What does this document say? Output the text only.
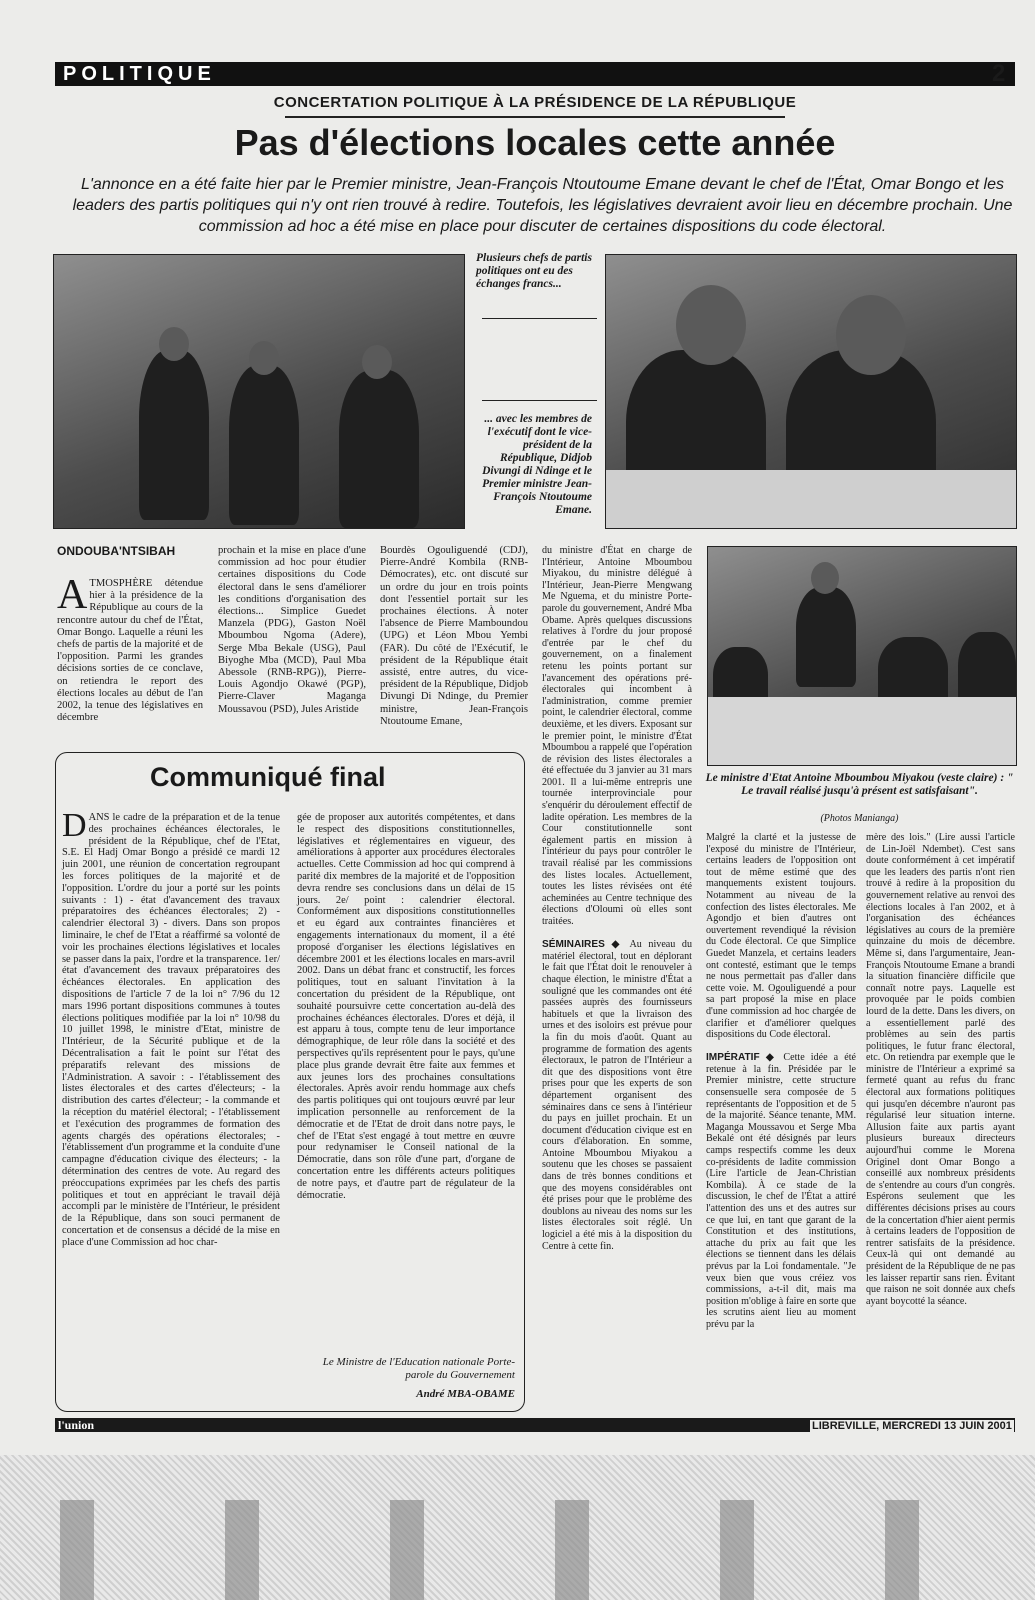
POLITIQUE	2
CONCERTATION POLITIQUE À LA PRÉSIDENCE DE LA RÉPUBLIQUE
Pas d'élections locales cette année
L'annonce en a été faite hier par le Premier ministre, Jean-François Ntoutoume Emane devant le chef de l'État, Omar Bongo et les leaders des partis politiques qui n'y ont rien trouvé à redire. Toutefois, les législatives devraient avoir lieu en décembre prochain. Une commission ad hoc a été mise en place pour discuter de certaines dispositions du code électoral.
Plusieurs chefs de partis politiques ont eu des échanges francs...
... avec les membres de l'exécutif dont le vice-président de la République, Didjob Divungi di Ndinge et le Premier ministre Jean-François Ntoutoume Emane.
ONDOUBA'NTSIBAH
A TMOSPHÈRE détendue hier à la présidence de la République au cours de la rencontre autour du chef de l'État, Omar Bongo. Laquelle a réuni les chefs de partis de la majorité et de l'opposition. Parmi les grandes décisions sorties de ce conclave, on retiendra le report des élections locales au début de l'an 2002, la tenue des législatives en décembre
prochain et la mise en place d'une commission ad hoc pour étudier certaines dispositions du Code électoral dans le sens d'améliorer les conditions d'organisation des élections... Simplice Guedet Manzela (PDG), Gaston Noël Mboumbou Ngoma (Adere), Serge Mba Bekale (USG), Paul Biyoghe Mba (MCD), Paul Mba Abessole (RNB-RPG)), Pierre-Louis Agondjo Okawé (PGP), Pierre-Claver Maganga Moussavou (PSD), Jules Aristide
Bourdès Ogouliguendé (CDJ), Pierre-André Kombila (RNB-Démocrates), etc. ont discuté sur un ordre du jour en trois points dont l'essentiel portait sur les prochaines élections. À noter l'absence de Pierre Mamboundou (UPG) et Léon Mbou Yembi (FAR). Du côté de l'Exécutif, le président de la République était assisté, entre autres, du vice-président de la République, Didjob Divungi Di Ndinge, du Premier ministre, Jean-François Ntoutoume Emane,
du ministre d'État en charge de l'Intérieur, Antoine Mboumbou Miyakou, du ministre délégué à l'Intérieur, Jean-Pierre Mengwang Me Nguema, et du ministre Porte-parole du gouvernement, André Mba Obame. Après quelques discussions relatives à l'ordre du jour proposé d'entrée par le chef du gouvernement, on a finalement retenu les points portant sur l'avancement des opérations pré-électorales qui incombent à l'administration, comme premier point, le calendrier électoral, comme deuxième, et les divers. Exposant sur le premier point, le ministre d'État Mboumbou a rappelé que l'opération de révision des listes électorales a été effectuée du 3 janvier au 31 mars 2001. Il a lui-même entrepris une tournée interprovinciale pour s'enquérir du déroulement effectif de ladite opération. Les membres de la Cour constitutionnelle sont également partis en mission à l'intérieur du pays pour contrôler le travail réalisé par les commissions des listes locales. Actuellement, toutes les listes révisées ont été acheminées au Centre technique des élections d'Oloumi où elles sont traitées.

SÉMINAIRES ◆ Au niveau du matériel électoral, tout en déplorant le fait que l'État doit le renouveler à chaque élection, le ministre d'État a souligné que les commandes ont été passées auprès des fournisseurs habituels et que la livraison des urnes et des isoloirs est prévue pour la fin du mois d'août. Quant au programme de formation des agents électoraux, le patron de l'Intérieur a dit que des dispositions vont être prises pour que les experts de son département organisent des séminaires dans ce sens à l'intérieur du pays en juillet prochain. Et un document d'éducation civique est en cours d'élaboration. En somme, Antoine Mboumbou Miyakou a soutenu que les choses se passaient dans de très bonnes conditions et que des moyens considérables ont été prises pour que le problème des doublons au niveau des noms sur les listes électorales soit réglé. Un logiciel a été mis à la disposition du Centre à cette fin.
Le ministre d'Etat Antoine Mboumbou Miyakou (veste claire) : " Le travail réalisé jusqu'à présent est satisfaisant".
(Photos Manianga)
Malgré la clarté et la justesse de l'exposé du ministre de l'Intérieur, certains leaders de l'opposition ont tout de même estimé que des manquements existent toujours. Notamment au niveau de la confection des listes électorales. Me Agondjo et bien d'autres ont ouvertement revendiqué la révision du Code électoral. Ce que Simplice Guedet Manzela, et certains leaders ont contesté, estimant que le temps ne nous permettait pas d'aller dans cette voie. M. Ogouliguendé a pour sa part proposé la mise en place d'une commission ad hoc chargée de clarifier et d'améliorer quelques dispositions du Code électoral.

IMPÉRATIF ◆ Cette idée a été retenue à la fin. Présidée par le Premier ministre, cette structure consensuelle sera composée de 5 représentants de l'opposition et de 5 de la majorité. Séance tenante, MM. Maganga Moussavou et Serge Mba Bekalé ont été désignés par leurs camps respectifs comme les deux co-présidents de ladite commission (Lire l'article de Jean-Christian Kombila). À ce stade de la discussion, le chef de l'État a attiré l'attention des uns et des autres sur ce que lui, en tant que garant de la Constitution et des institutions, attache du prix au fait que les élections se tiennent dans les délais prévus par la Loi fondamentale. "Je veux bien que vous créiez vos commissions, a-t-il dit, mais ma position m'oblige à faire en sorte que les scrutins aient lieu au moment prévu par la
mère des lois." (Lire aussi l'article de Lin-Joël Ndembet). C'est sans doute conformément à cet impératif que les leaders des partis n'ont rien trouvé à redire à la proposition du gouvernement relative au renvoi des élections locales à l'an 2002, et à l'organisation des échéances législatives au cours de la première quinzaine du mois de décembre. Même si, dans l'argumentaire, Jean-François Ntoutoume Emane a brandi la situation financière difficile que connaît notre pays. Laquelle est provoquée par le poids combien lourd de la dette. Dans les divers, on a essentiellement parlé des problèmes au sein des partis politiques, le futur franc électoral, etc. On retiendra par exemple que le ministre de l'Intérieur a exprimé sa fermeté quant au refus du franc électoral aux formations politiques qui jusqu'en décembre n'auront pas régularisé leur situation interne. Allusion faite aux partis ayant plusieurs bureaux directeurs aujourd'hui comme le Morena Originel dont Omar Bongo a conseillé aux nombreux présidents de s'entendre au cours d'un congrès. Espérons seulement que les différentes décisions prises au cours de la concertation d'hier aient permis à certains leaders de l'opposition de rentrer satisfaits de la présidence. Ceux-là qui ont demandé au président de la République de ne pas les laisser repartir sans rien. Évitant que raison ne soit donnée aux chefs ayant boycotté la séance.
Communiqué final
D ANS le cadre de la préparation et de la tenue des prochaines échéances électorales, le président de la République, chef de l'Etat, S.E. El Hadj Omar Bongo a présidé ce mardi 12 juin 2001, une réunion de concertation regroupant les forces politiques de la majorité et de l'opposition. L'ordre du jour a porté sur les points suivants : 1) - état d'avancement des travaux préparatoires des échéances électorales; 2) - calendrier électoral 3) - divers. Dans son propos liminaire, le chef de l'Etat a réaffirmé sa volonté de voir les prochaines élections législatives et locales se passer dans la paix, l'ordre et la transparence. 1er/ état d'avancement des travaux préparatoires des échéances électorales. En application des dispositions de l'article 7 de la loi n° 7/96 du 12 mars 1996 portant dispositions communes à toutes élections politiques modifiée par la loi n° 10/98 du 10 juillet 1998, le ministre d'Etat, ministre de l'Intérieur, de la Sécurité publique et de la Décentralisation a fait le point sur l'état des préparatifs relevant des missions de l'Administration. A savoir : - l'établissement des listes électorales et des cartes d'électeurs; - la distribution des cartes d'électeur; - la commande et la réception du matériel électoral; - l'établissement et l'exécution des programmes de formation des agents chargés des opérations électorales; - l'établissement d'un programme et la conduite d'une campagne d'éducation civique des électeurs; - la détermination des centres de vote. Au regard des préoccupations exprimées par les chefs des partis politiques et tout en appréciant le travail déjà accompli par le ministère de l'Intérieur, le président de la République, dans son souci permanent de concertation et de consensus a décidé de la mise en place d'une Commission ad hoc char-
gée de proposer aux autorités compétentes, et dans le respect des dispositions constitutionnelles, législatives et réglementaires en vigueur, des améliorations à apporter aux procédures électorales actuelles. Cette Commission ad hoc qui comprend à parité dix membres de la majorité et de l'opposition devra rendre ses conclusions dans un délai de 15 jours. 2e/ point : calendrier électoral. Conformément aux dispositions constitutionnelles et eu égard aux contraintes financières et engagements internationaux du moment, il a été proposé d'organiser les élections législatives en décembre 2001 et les élections locales en mars-avril 2002. Dans un débat franc et constructif, les forces politiques, tout en saluant l'invitation à la concertation du président de la République, ont souhaité poursuivre cette concertation au-delà des prochaines échéances électorales. D'ores et déjà, il est apparu à tous, compte tenu de leur importance démographique, de leur rôle dans la société et des perspectives qu'ils représentent pour le pays, qu'une place plus grande devrait être faite aux femmes et aux jeunes lors des prochaines consultations électorales. Après avoir rendu hommage aux chefs des partis politiques qui ont toujours œuvré par leur implication personnelle au renforcement de la démocratie et de l'Etat de droit dans notre pays, le chef de l'Etat s'est engagé à tout mettre en œuvre pour redynamiser le Conseil national de la Démocratie, dans son rôle d'une part, d'organe de concertation entre les différents acteurs politiques de notre pays, et d'autre part de régulateur de la démocratie.
Le Ministre de l'Education nationale Porte-parole du Gouvernement
André MBA-OBAME
l'union	LIBREVILLE, MERCREDI 13 JUIN 2001
